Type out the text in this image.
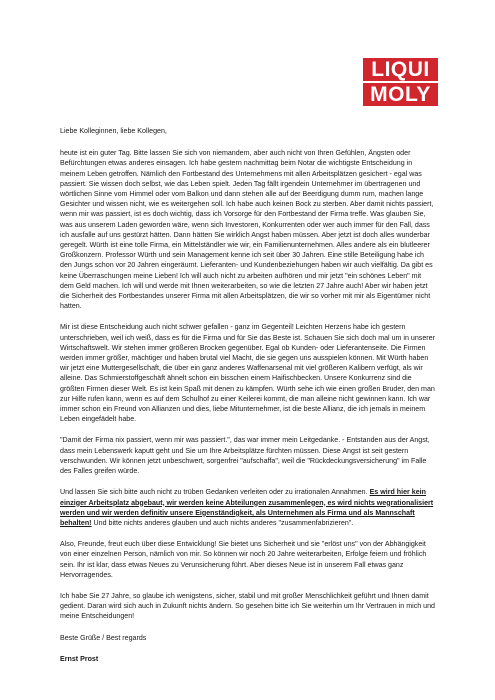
LIQUI
MOLY

Liebe Kolleginnen, liebe Kollegen,

heute ist ein guter Tag. Bitte lassen Sie sich von niemandem, aber auch nicht von Ihren Gefühlen, Ängsten oder Befürchtungen etwas anderes einsagen. Ich habe gestern nachmittag beim Notar die wichtigste Entscheidung in meinem Leben getroffen. Nämlich den Fortbestand des Unternehmens mit allen Arbeitsplätzen gesichert - egal was passiert. Sie wissen doch selbst, wie das Leben spielt. Jeden Tag fällt irgendein Unternehmer im übertragenen und wörtlichen Sinne vom Himmel oder vom Balkon und dann stehen alle auf der Beerdigung dumm rum, machen lange Gesichter und wissen nicht, wie es weitergehen soll. Ich habe auch keinen Bock zu sterben. Aber damit nichts passiert, wenn mir was passiert, ist es doch wichtig, dass ich Vorsorge für den Fortbestand der Firma treffe. Was glauben Sie, was aus unserem Laden geworden wäre, wenn sich Investoren, Konkurrenten oder wer auch immer für den Fall, dass ich ausfalle auf uns gestürzt hätten. Dann hätten Sie wirklich Angst haben müssen. Aber jetzt ist doch alles wunderbar geregelt. Würth ist eine tolle Firma, ein Mittelständler wie wir, ein Familienunternehmen. Alles andere als ein blutleerer Großkonzern. Professor Würth und sein Management kenne ich seit über 30 Jahren. Eine stille Beteiligung habe ich den Jungs schon vor 20 Jahren eingeräumt. Lieferanten- und Kundenbeziehungen haben wir auch vielfältig. Da gibt es keine Überraschungen meine Lieben! Ich will auch nicht zu arbeiten aufhören und mir jetzt "ein schönes Leben" mit dem Geld machen. Ich will und werde mit Ihnen weiterarbeiten, so wie die letzten 27 Jahre auch! Aber wir haben jetzt die Sicherheit des Fortbestandes unserer Firma mit allen Arbeitsplätzen, die wir so vorher mit mir als Eigentümer nicht hatten.

Mir ist diese Entscheidung auch nicht schwer gefallen - ganz im Gegenteil! Leichten Herzens habe ich gestern unterschrieben, weil ich weiß, dass es für die Firma und für Sie das Beste ist. Schauen Sie sich doch mal um in unserer Wirtschaftswelt. Wir stehen immer größeren Brocken gegenüber. Egal ob Kunden- oder Lieferantenseite. Die Firmen werden immer größer, mächtiger und haben brutal viel Macht, die sie gegen uns ausspielen können. Mit Würth haben wir jetzt eine Muttergesellschaft, die über ein ganz anderes Waffenarsenal mit viel größeren Kalibern verfügt, als wir alleine. Das Schmierstoffgeschäft ähnelt schon ein bisschen einem Haifischbecken. Unsere Konkurrenz sind die größten Firmen dieser Welt. Es ist kein Spaß mit denen zu kämpfen. Würth sehe ich wie einen großen Bruder, den man zur Hilfe rufen kann, wenn es auf dem Schulhof zu einer Keilerei kommt, die man alleine nicht gewinnen kann. Ich war immer schon ein Freund von Allianzen und dies, liebe Mitunternehmer, ist die beste Allianz, die ich jemals in meinem Leben eingefädelt habe.

"Damit der Firma nix passiert, wenn mir was passiert.", das war immer mein Leitgedanke. - Entstanden aus der Angst, dass mein Lebenswerk kaputt geht und Sie um Ihre Arbeitsplätze fürchten müssen. Diese Angst ist seit gestern verschwunden. Wir können jetzt unbeschwert, sorgenfrei "aufschaffa", weil die "Rückdeckungsversicherung" im Falle des Falles greifen würde.

Und lassen Sie sich bitte auch nicht zu trüben Gedanken verleiten oder zu irrationalen Annahmen. Es wird hier kein einziger Arbeitsplatz abgebaut, wir werden keine Abteilungen zusammenlegen, es wird nichts wegrationalisiert werden und wir werden definitiv unsere Eigenständigkeit, als Unternehmen als Firma und als Mannschaft behalten! Und bitte nichts anderes glauben und auch nichts anderes "zusammenfabrizieren".

Also, Freunde, freut euch über diese Entwicklung! Sie bietet uns Sicherheit und sie "erlöst uns" von der Abhängigkeit von einer einzelnen Person, nämlich von mir. So können wir noch 20 Jahre weiterarbeiten, Erfolge feiern und fröhlich sein. Ihr ist klar, dass etwas Neues zu Verunsicherung führt. Aber dieses Neue ist in unserem Fall etwas ganz Hervorragendes.

Ich habe Sie 27 Jahre, so glaube ich wenigstens, sicher, stabil und mit großer Menschlichkeit geführt und Ihnen damit gedient. Daran wird sich auch in Zukunft nichts ändern. So gesehen bitte ich Sie weiterhin um Ihr Vertrauen in mich und meine Entscheidungen!

Beste Grüße / Best regards

Ernst Prost
